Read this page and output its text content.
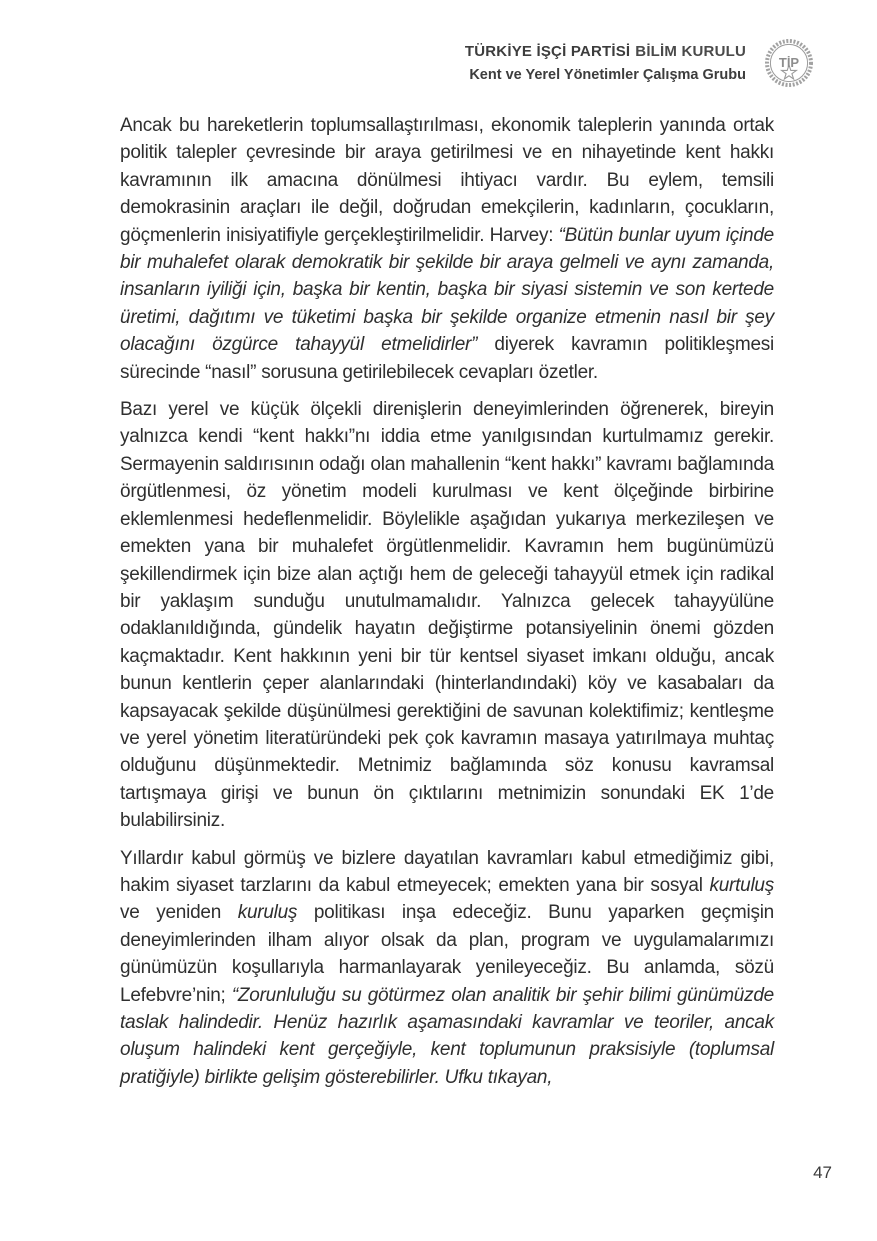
TÜRKİYE İŞÇİ PARTİSİ BİLİM KURULU
Kent ve Yerel Yönetimler Çalışma Grubu
TİP

Ancak bu hareketlerin toplumsallaştırılması, ekonomik taleplerin yanında ortak politik talepler çevresinde bir araya getirilmesi ve en nihayetinde kent hakkı kavramının ilk amacına dönülmesi ihtiyacı vardır. Bu eylem, temsili demokrasinin araçları ile değil, doğrudan emekçilerin, kadınların, çocukların, göçmenlerin inisiyatifiyle gerçekleştirilmelidir. Harvey: “Bütün bunlar uyum içinde bir muhalefet olarak demokratik bir şekilde bir araya gelmeli ve aynı zamanda, insanların iyiliği için, başka bir kentin, başka bir siyasi sistemin ve son kertede üretimi, dağıtımı ve tüketimi başka bir şekilde organize etmenin nasıl bir şey olacağını özgürce tahayyül etmelidirler” diyerek kavramın politikleşmesi sürecinde “nasıl” sorusuna getirilebilecek cevapları özetler.

Bazı yerel ve küçük ölçekli direnişlerin deneyimlerinden öğrenerek, bireyin yalnızca kendi “kent hakkı”nı iddia etme yanılgısından kurtulmamız gerekir. Sermayenin saldırısının odağı olan mahallenin “kent hakkı” kavramı bağlamında örgütlenmesi, öz yönetim modeli kurulması ve kent ölçeğinde birbirine eklemlenmesi hedeflenmelidir. Böylelikle aşağıdan yukarıya merkezileşen ve emekten yana bir muhalefet örgütlenmelidir. Kavramın hem bugünümüzü şekillendirmek için bize alan açtığı hem de geleceği tahayyül etmek için radikal bir yaklaşım sunduğu unutulmamalıdır. Yalnızca gelecek tahayyülüne odaklanıldığında, gündelik hayatın değiştirme potansiyelinin önemi gözden kaçmaktadır. Kent hakkının yeni bir tür kentsel siyaset imkanı olduğu, ancak bunun kentlerin çeper alanlarındaki (hinterlandındaki) köy ve kasabaları da kapsayacak şekilde düşünülmesi gerektiğini de savunan kolektifimiz; kentleşme ve yerel yönetim literatüründeki pek çok kavramın masaya yatırılmaya muhtaç olduğunu düşünmektedir. Metnimiz bağlamında söz konusu kavramsal tartışmaya girişi ve bunun ön çıktılarını metnimizin sonundaki EK 1’de bulabilirsiniz.

Yıllardır kabul görmüş ve bizlere dayatılan kavramları kabul etmediğimiz gibi, hakim siyaset tarzlarını da kabul etmeyecek; emekten yana bir sosyal kurtuluş ve yeniden kuruluş politikası inşa edeceğiz. Bunu yaparken geçmişin deneyimlerinden ilham alıyor olsak da plan, program ve uygulamalarımızı günümüzün koşullarıyla harmanlayarak yenileyeceğiz. Bu anlamda, sözü Lefebvre’nin; “Zorunluluğu su götürmez olan analitik bir şehir bilimi günümüzde taslak halindedir. Henüz hazırlık aşamasındaki kavramlar ve teoriler, ancak oluşum halindeki kent gerçeğiyle, kent toplumunun praksisiyle (toplumsal pratiğiyle) birlikte gelişim gösterebilirler. Ufku tıkayan,

47
